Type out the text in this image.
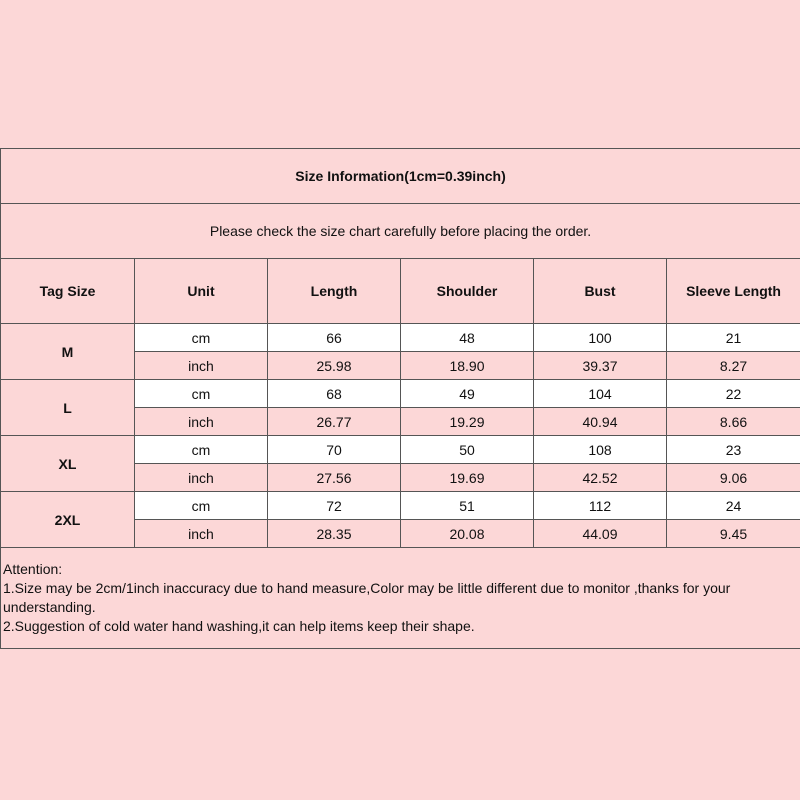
Size Information(1cm=0.39inch)					
Please check the size chart carefully before placing the order.					
Tag Size	Unit	Length	Shoulder	Bust	Sleeve Length
M	cm	66	48	100	21
	inch	25.98	18.90	39.37	8.27
L	cm	68	49	104	22
	inch	26.77	19.29	40.94	8.66
XL	cm	70	50	108	23
	inch	27.56	19.69	42.52	9.06
2XL	cm	72	51	112	24
	inch	28.35	20.08	44.09	9.45

Attention:
1.Size may be 2cm/1inch inaccuracy due to hand measure,Color may be little different due to monitor ,thanks for your understanding.
2.Suggestion of cold water hand washing,it can help items keep their shape.					
